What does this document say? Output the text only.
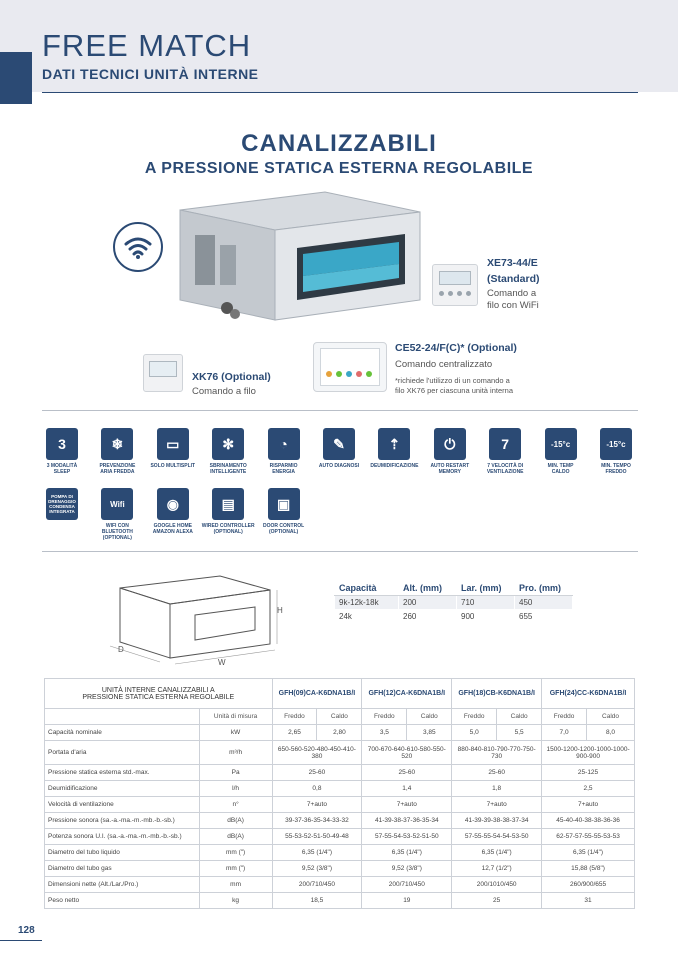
FREE MATCH
DATI TECNICI UNITÀ INTERNE
CANALIZZABILI
A PRESSIONE STATICA ESTERNA REGOLABILE
XE73-44/E
(Standard)
Comando a
filo con WiFi
CE52-24/F(C)* (Optional)
Comando centralizzato
*richiede l'utilizzo di un comando a
filo XK76 per ciascuna unità interna
XK76 (Optional)
Comando a filo
3
3 MODALITÀ
SLEEP
❄
PREVENZIONE
ARIA FREDDA
▭
SOLO MULTISPLIT
✻
SBRINAMENTO
INTELLIGENTE
◔
RISPARMIO
ENERGIA
✎
AUTO DIAGNOSI
⇡
DEUMIDIFICAZIONE
⏻
AUTO RESTART
MEMORY
7
7 VELOCITÀ DI
VENTILAZIONE
-15°c
MIN. TEMP
CALDO
-15°c
MIN. TEMPO
FREDDO
POMPA DI DRENAGGIO CONDENSA INTEGRATA
Wifi
WIFI CON
BLUETOOTH (OPTIONAL)
◉
GOOGLE HOME
AMAZON ALEXA
▤
WIRED CONTROLLER
(OPTIONAL)
▣
DOOR CONTROL
(OPTIONAL)
H
D
W
Capacità	Alt. (mm)	Lar. (mm)	Pro. (mm)
9k-12k-18k	200	710	450
24k	260	900	655
UNITÀ INTERNE CANALIZZABILI A
PRESSIONE STATICA ESTERNA REGOLABILE		GFH(09)CA-K6DNA1B/I		GFH(12)CA-K6DNA1B/I		GFH(18)CB-K6DNA1B/I		GFH(24)CC-K6DNA1B/I	
	Unità di misura	Freddo	Caldo	Freddo	Caldo	Freddo	Caldo	Freddo	Caldo
Capacità nominale	kW	2,65	2,80	3,5	3,85	5,0	5,5	7,0	8,0
Portata d'aria	m³/h	650-560-520-480-450-410-380		700-670-640-610-580-550-520		880-840-810-790-770-750-730		1500-1200-1200-1000-1000-900-900	
Pressione statica esterna std.-max.	Pa	25-60		25-60		25-60		25-125	
Deumidificazione	l/h	0,8		1,4		1,8		2,5	
Velocità di ventilazione	n°	7+auto		7+auto		7+auto		7+auto	
Pressione sonora (sa.-a.-ma.-m.-mb.-b.-sb.)	dB(A)	39-37-36-35-34-33-32		41-39-38-37-36-35-34		41-39-39-38-38-37-34		45-40-40-38-38-36-36	
Potenza sonora U.I. (sa.-a.-ma.-m.-mb.-b.-sb.)	dB(A)	55-53-52-51-50-49-48		57-55-54-53-52-51-50		57-55-55-54-54-53-50		62-57-57-55-55-53-53	
Diametro del tubo liquido	mm (")	6,35 (1/4")		6,35 (1/4")		6,35 (1/4")		6,35 (1/4")	
Diametro del tubo gas	mm (")	9,52 (3/8")		9,52 (3/8")		12,7 (1/2")		15,88 (5/8")	
Dimensioni nette (Alt./Lar./Pro.)	mm	200/710/450		200/710/450		200/1010/450		260/900/655	
Peso netto	kg	18,5		19		25		31	
128
